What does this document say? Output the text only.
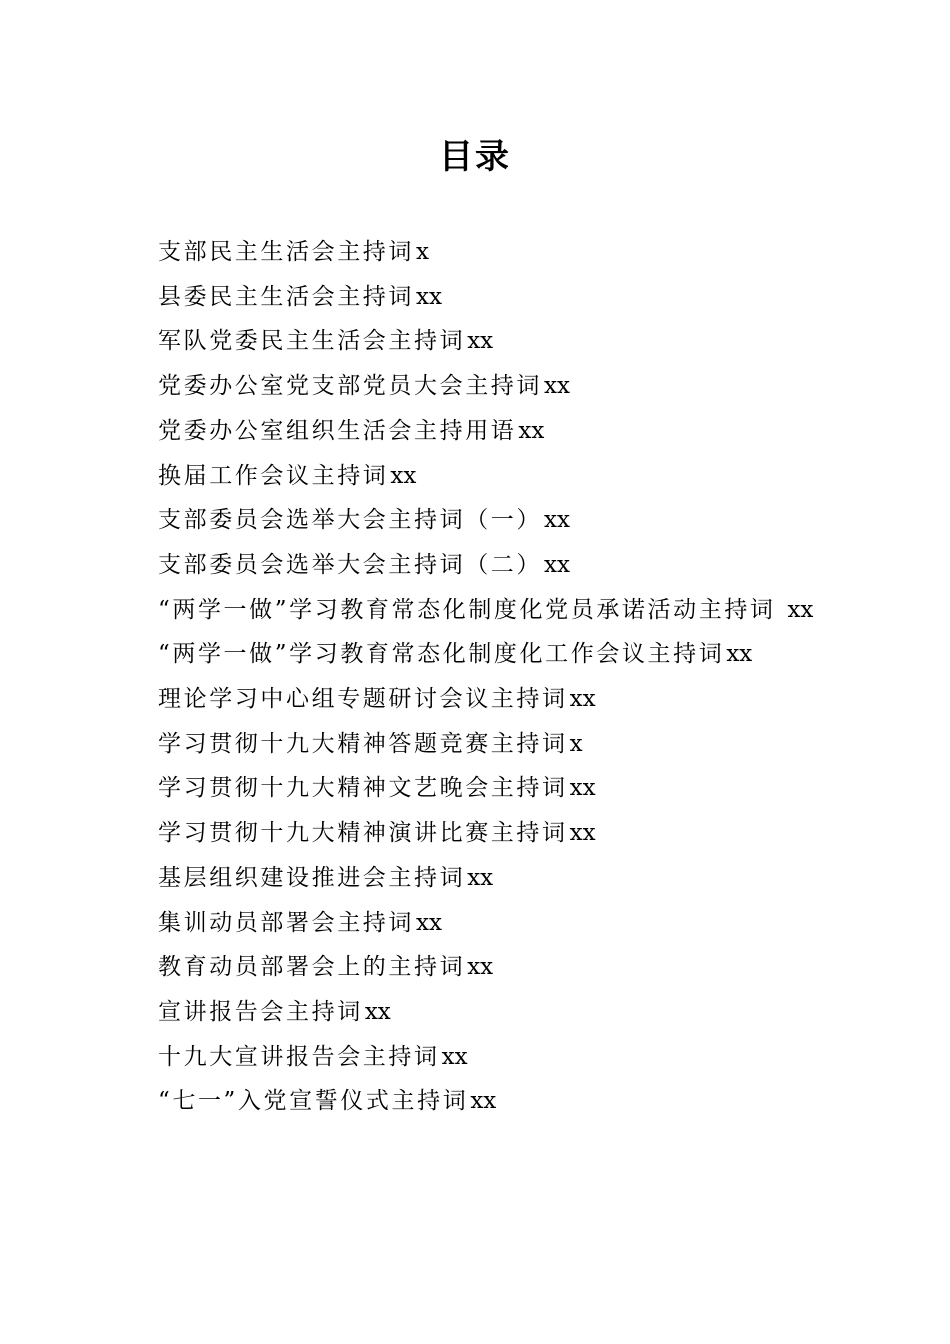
目录
支部民主生活会主持词x
县委民主生活会主持词xx
军队党委民主生活会主持词xx
党委办公室党支部党员大会主持词xx
党委办公室组织生活会主持用语xx
换届工作会议主持词xx
支部委员会选举大会主持词（一）xx
支部委员会选举大会主持词（二）xx
“两学一做”学习教育常态化制度化党员承诺活动主持词 xx
“两学一做”学习教育常态化制度化工作会议主持词xx
理论学习中心组专题研讨会议主持词xx
学习贯彻十九大精神答题竞赛主持词x
学习贯彻十九大精神文艺晚会主持词xx
学习贯彻十九大精神演讲比赛主持词xx
基层组织建设推进会主持词xx
集训动员部署会主持词xx
教育动员部署会上的主持词xx
宣讲报告会主持词xx
十九大宣讲报告会主持词xx
“七一”入党宣誓仪式主持词xx
